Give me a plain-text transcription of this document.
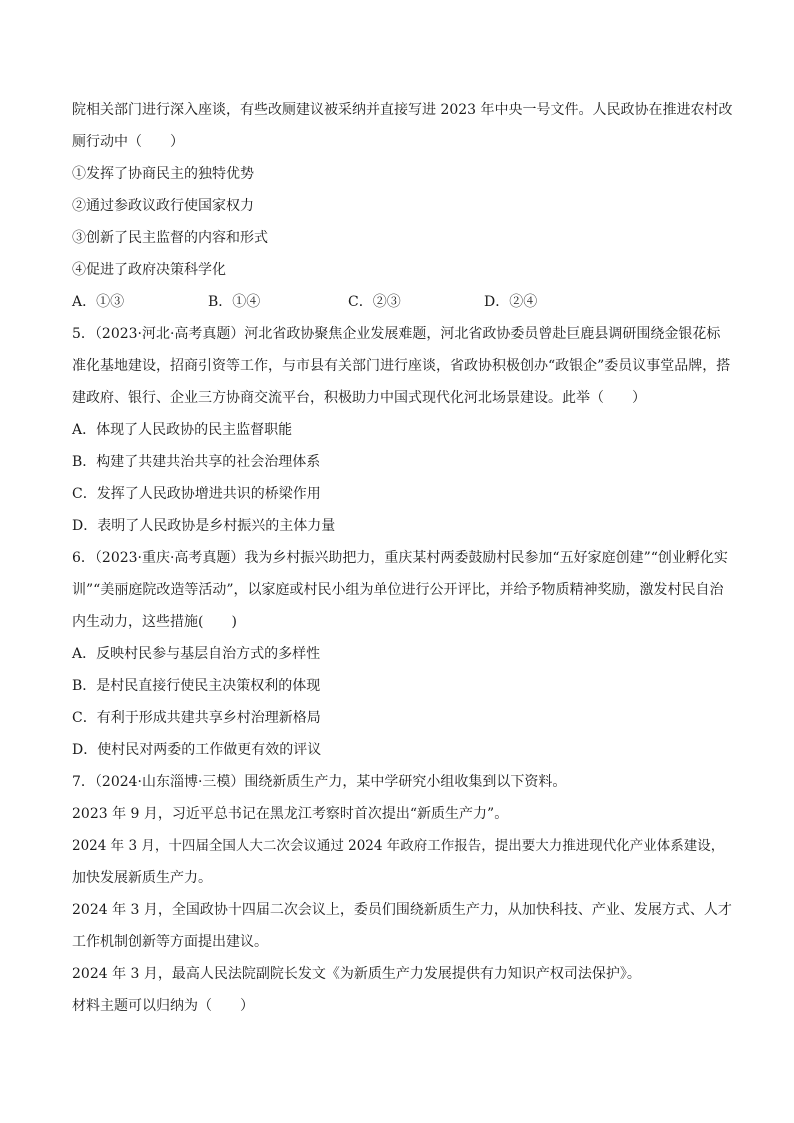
院相关部门进行深入座谈，有些改厕建议被采纳并直接写进 2023 年中央一号文件。人民政协在推进农村改
厕行动中（　　）
①发挥了协商民主的独特优势
②通过参政议政行使国家权力
③创新了民主监督的内容和形式
④促进了政府决策科学化
A．①③	B．①④	C．②③	D．②④
5．（2023·河北·高考真题）河北省政协聚焦企业发展难题，河北省政协委员曾赴巨鹿县调研围绕金银花标
准化基地建设，招商引资等工作，与市县有关部门进行座谈，省政协积极创办“政银企”委员议事堂品牌，搭
建政府、银行、企业三方协商交流平台，积极助力中国式现代化河北场景建设。此举（　　）
A．体现了人民政协的民主监督职能
B．构建了共建共治共享的社会治理体系
C．发挥了人民政协增进共识的桥梁作用
D．表明了人民政协是乡村振兴的主体力量
6．（2023·重庆·高考真题）我为乡村振兴助把力，重庆某村两委鼓励村民参加“五好家庭创建”“创业孵化实
训”“美丽庭院改造等活动”，以家庭或村民小组为单位进行公开评比，并给予物质精神奖励，激发村民自治
内生动力，这些措施(　　)
A．反映村民参与基层自治方式的多样性
B．是村民直接行使民主决策权利的体现
C．有利于形成共建共享乡村治理新格局
D．使村民对两委的工作做更有效的评议
7．（2024·山东淄博·三模）围绕新质生产力，某中学研究小组收集到以下资料。
2023 年 9 月，习近平总书记在黑龙江考察时首次提出“新质生产力”。
2024 年 3 月，十四届全国人大二次会议通过 2024 年政府工作报告，提出要大力推进现代化产业体系建设，
加快发展新质生产力。
2024 年 3 月，全国政协十四届二次会议上，委员们围绕新质生产力，从加快科技、产业、发展方式、人才
工作机制创新等方面提出建议。
2024 年 3 月，最高人民法院副院长发文《为新质生产力发展提供有力知识产权司法保护》。
材料主题可以归纳为（　　）
